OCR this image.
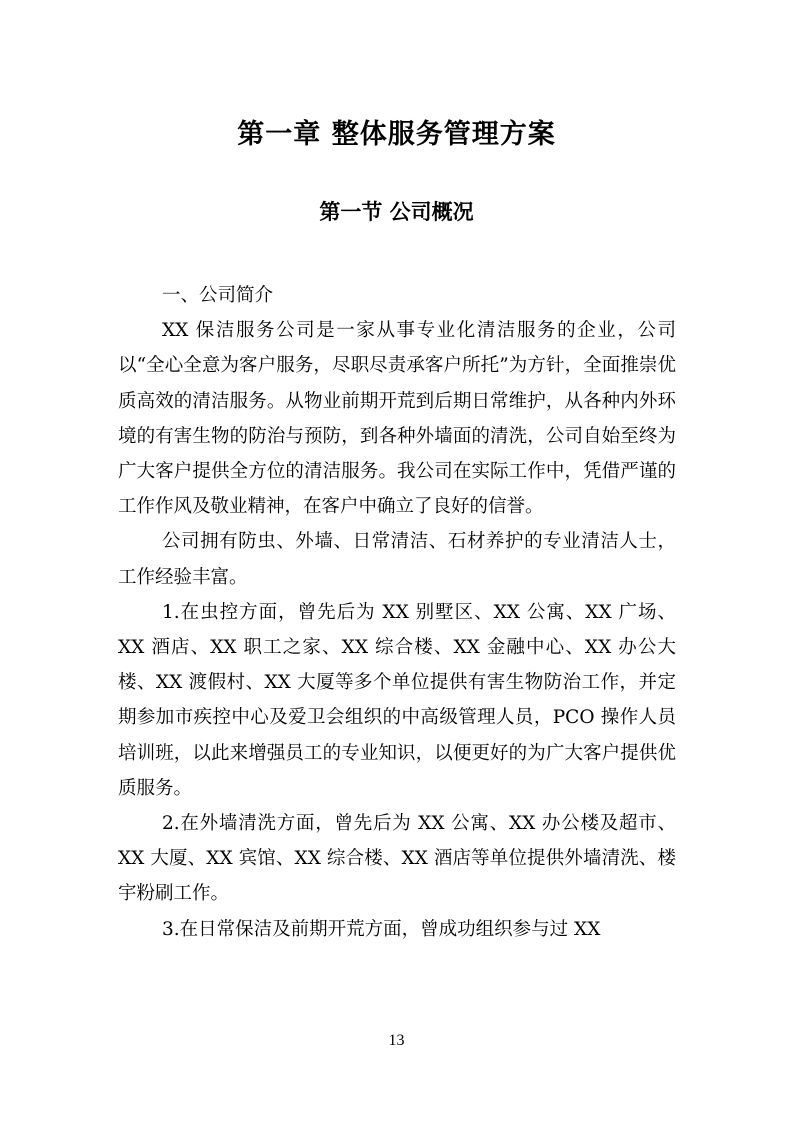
第一章 整体服务管理方案
第一节 公司概况

一、公司简介

XX 保洁服务公司是一家从事专业化清洁服务的企业，公司以“全心全意为客户服务，尽职尽责承客户所托”为方针，全面推崇优质高效的清洁服务。从物业前期开荒到后期日常维护，从各种内外环境的有害生物的防治与预防，到各种外墙面的清洗，公司自始至终为广大客户提供全方位的清洁服务。我公司在实际工作中，凭借严谨的工作作风及敬业精神，在客户中确立了良好的信誉。

公司拥有防虫、外墙、日常清洁、石材养护的专业清洁人士，工作经验丰富。

1.在虫控方面，曾先后为 XX 别墅区、XX 公寓、XX 广场、XX 酒店、XX 职工之家、XX 综合楼、XX 金融中心、XX 办公大楼、XX 渡假村、XX 大厦等多个单位提供有害生物防治工作，并定期参加市疾控中心及爱卫会组织的中高级管理人员，PCO 操作人员培训班，以此来增强员工的专业知识，以便更好的为广大客户提供优质服务。

2.在外墙清洗方面，曾先后为 XX 公寓、XX 办公楼及超市、XX 大厦、XX 宾馆、XX 综合楼、XX 酒店等单位提供外墙清洗、楼宇粉刷工作。

3.在日常保洁及前期开荒方面，曾成功组织参与过 XX

13
